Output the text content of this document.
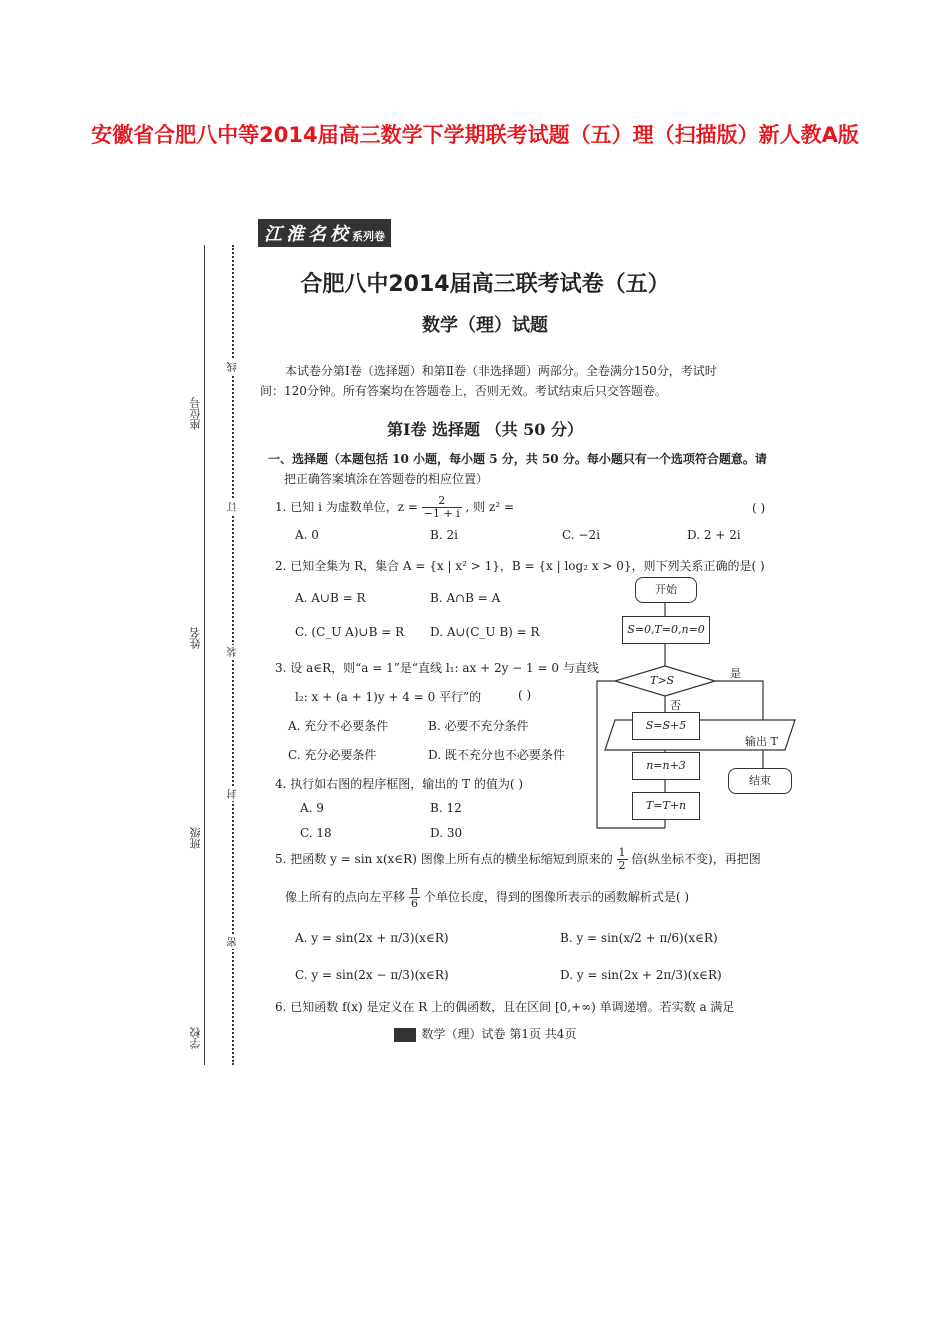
安徽省合肥八中等2014届高三数学下学期联考试题（五）理（扫描版）新人教A版
座位号
姓名
班级
学校
线
订
装
封
密
江淮名校系列卷
合肥八中2014届高三联考试卷（五）
数学（理）试题
本试卷分第Ⅰ卷（选择题）和第Ⅱ卷（非选择题）两部分。全卷满分150分，考试时
间：120分钟。所有答案均在答题卷上，否则无效。考试结束后只交答题卷。
第Ⅰ卷 选择题 （共 50 分）
一、选择题（本题包括 10 小题，每小题 5 分，共 50 分。每小题只有一个选项符合题意。请
把正确答案填涂在答题卷的相应位置）
1. 已知 i 为虚数单位，$z = \frac{2}{-1 + i}$ , 则 z² =	( )
A. 0	B. 2i	C. −2i	D. 2 + 2i
2. 已知全集为 R，集合 A = {x | x² > 1}，B = {x | log₂ x > 0}，则下列关系正确的是( )
A. A∪B = R	B. A∩B = A
C. (C_U A)∪B = R D. A∪(C_U B) = R
3. 设 a∈R，则“a = 1”是“直线 l₁: ax + 2y − 1 = 0 与直线
l₂: x + (a + 1)y + 4 = 0 平行”的	( )
A. 充分不必要条件	B. 必要不充分条件
C. 充分必要条件	D. 既不充分也不必要条件
4. 执行如右图的程序框图，输出的 T 的值为( )
A. 9	B. 12
C. 18	D. 30
开始
S=0,T=0,n=0
T>S
是
否
S=S+5
n=n+3
T=T+n
输出 T
结束
5. 把函数 y = sin x(x∈R) 图像上所有点的横坐标缩短到原来的 $\frac{1}{2}$ 倍(纵坐标不变)，再把图
像上所有的点向左平移 $\frac{\pi}{6}$ 个单位长度，得到的图像所表示的函数解析式是( )
A. y = sin(2x + π/3)(x∈R)	B. y = sin(x/2 + π/6)(x∈R)
C. y = sin(2x − π/3)(x∈R)	D. y = sin(2x + 2π/3)(x∈R)
6. 已知函数 f(x) 是定义在 R 上的偶函数，且在区间 [0,+∞) 单调递增。若实数 a 满足
数学（理）试卷 第1页 共4页
